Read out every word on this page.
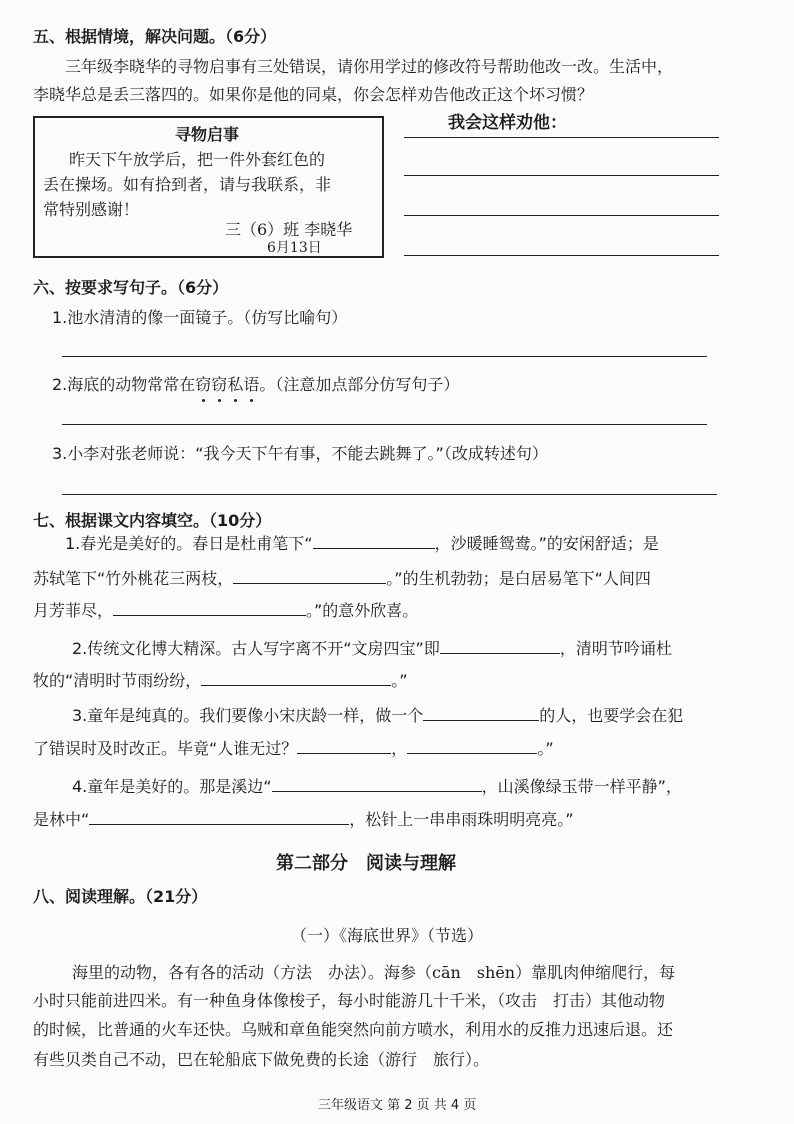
五、根据情境，解决问题。（6分）
三年级李晓华的寻物启事有三处错误，请你用学过的修改符号帮助他改一改。生活中，
李晓华总是丢三落四的。如果你是他的同桌，你会怎样劝告他改正这个坏习惯？
寻物启事
昨天下午放学后，把一件外套红色的
丢在操场。如有拾到者，请与我联系，非
常特别感谢！
三（6）班 李晓华
6月13日
我会这样劝他：
六、按要求写句子。（6分）
1.池水清清的像一面镜子。（仿写比喻句）
2.海底的动物常常在窃窃私语。（注意加点部分仿写句子）
3.小李对张老师说：“我今天下午有事，不能去跳舞了。”（改成转述句）
七、根据课文内容填空。（10分）
1.春光是美好的。春日是杜甫笔下“	，沙暖睡鸳鸯。”的安闲舒适；是
苏轼笔下“竹外桃花三两枝，	。”的生机勃勃；是白居易笔下“人间四
月芳菲尽，	。”的意外欣喜。
2.传统文化博大精深。古人写字离不开“文房四宝”即	，清明节吟诵杜
牧的“清明时节雨纷纷，	。”
3.童年是纯真的。我们要像小宋庆龄一样，做一个	的人，也要学会在犯
了错误时及时改正。毕竟“人谁无过？	，	。”
4.童年是美好的。那是溪边“	，山溪像绿玉带一样平静”，
是林中“	，松针上一串串雨珠明明亮亮。”
第二部分　阅读与理解
八、阅读理解。（21分）
（一）《海底世界》（节选）
海里的动物，各有各的活动（方法　办法）。海参（cān　shēn）靠肌肉伸缩爬行，每
小时只能前进四米。有一种鱼身体像梭子，每小时能游几十千米，（攻击　打击）其他动物
的时候，比普通的火车还快。乌贼和章鱼能突然向前方喷水，利用水的反推力迅速后退。还
有些贝类自己不动，巴在轮船底下做免费的长途（游行　旅行）。
三年级语文 第 2 页 共 4 页
